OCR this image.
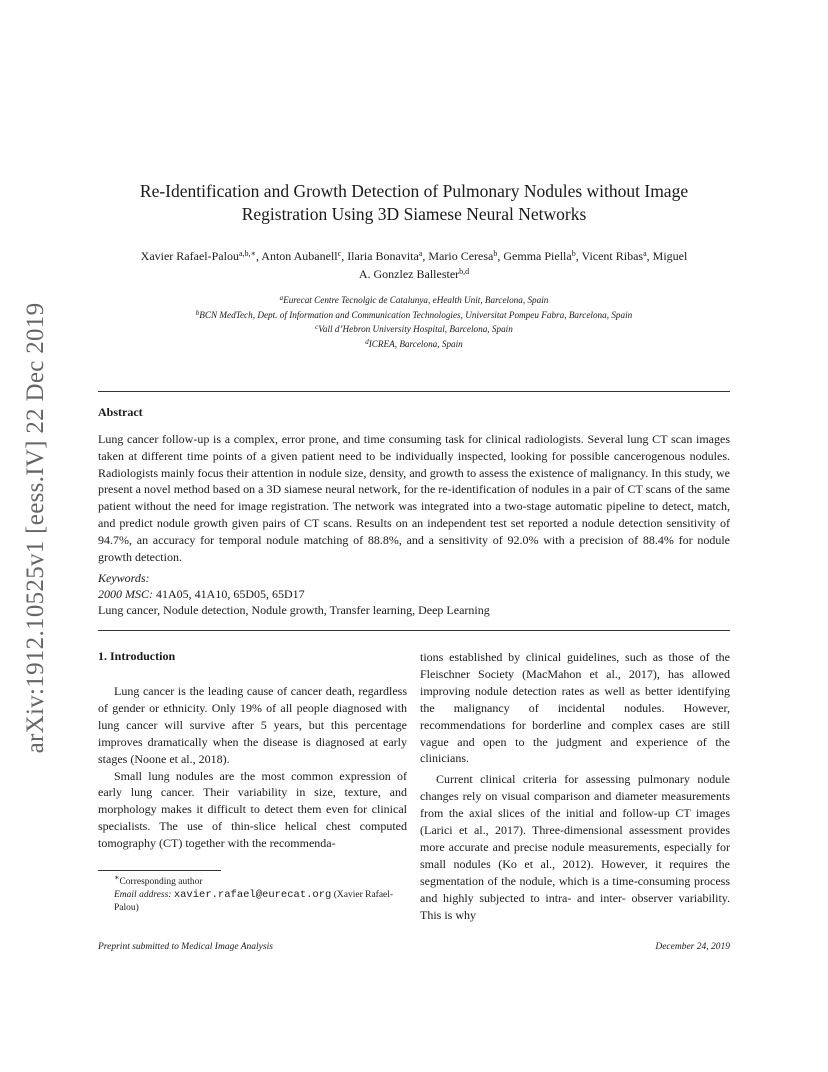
arXiv:1912.10525v1 [eess.IV] 22 Dec 2019
Re-Identification and Growth Detection of Pulmonary Nodules without Image
Registration Using 3D Siamese Neural Networks
Xavier Rafael-Palou$^{a,b,∗}$, Anton Aubanell$^c$, Ilaria Bonavita$^a$, Mario Ceresa$^b$, Gemma Piella$^b$, Vicent Ribas$^a$, Miguel
A. Gonzlez Ballester$^{b,d}$
$^a$Eurecat Centre Tecnolgic de Catalunya, eHealth Unit, Barcelona, Spain
$^b$BCN MedTech, Dept. of Information and Communication Technologies, Universitat Pompeu Fabra, Barcelona, Spain
$^c$Vall d’Hebron University Hospital, Barcelona, Spain
$^d$ICREA, Barcelona, Spain
Abstract
Lung cancer follow-up is a complex, error prone, and time consuming task for clinical radiologists. Several lung CT scan images taken at different time points of a given patient need to be individually inspected, looking for possible cancerogenous nodules. Radiologists mainly focus their attention in nodule size, density, and growth to assess the existence of malignancy. In this study, we present a novel method based on a 3D siamese neural network, for the re-identification of nodules in a pair of CT scans of the same patient without the need for image registration. The network was integrated into a two-stage automatic pipeline to detect, match, and predict nodule growth given pairs of CT scans. Results on an independent test set reported a nodule detection sensitivity of 94.7%, an accuracy for temporal nodule matching of 88.8%, and a sensitivity of 92.0% with a precision of 88.4% for nodule growth detection.
Keywords:
2000 MSC: 41A05, 41A10, 65D05, 65D17
Lung cancer, Nodule detection, Nodule growth, Transfer learning, Deep Learning
1. Introduction

Lung cancer is the leading cause of cancer death, regardless of gender or ethnicity. Only 19% of all people diagnosed with lung cancer will survive after 5 years, but this percentage improves dramatically when the disease is diagnosed at early stages (Noone et al., 2018).

Small lung nodules are the most common expression of early lung cancer. Their variability in size, texture, and morphology makes it difficult to detect them even for clinical specialists. The use of thin-slice helical chest computed tomography (CT) together with the recommenda-

∗Corresponding author
Email address: xavier.rafael@eurecat.org (Xavier Rafael-Palou)

tions established by clinical guidelines, such as those of the Fleischner Society (MacMahon et al., 2017), has allowed improving nodule detection rates as well as better identifying the malignancy of incidental nodules. However, recommendations for borderline and complex cases are still vague and open to the judgment and experience of the clinicians.

Current clinical criteria for assessing pulmonary nodule changes rely on visual comparison and diameter measurements from the axial slices of the initial and follow-up CT images (Larici et al., 2017). Three-dimensional assessment provides more accurate and precise nodule measurements, especially for small nodules (Ko et al., 2012). However, it requires the segmentation of the nodule, which is a time-consuming process and highly subjected to intra- and inter- observer variability. This is why

Preprint submitted to Medical Image Analysis	December 24, 2019
